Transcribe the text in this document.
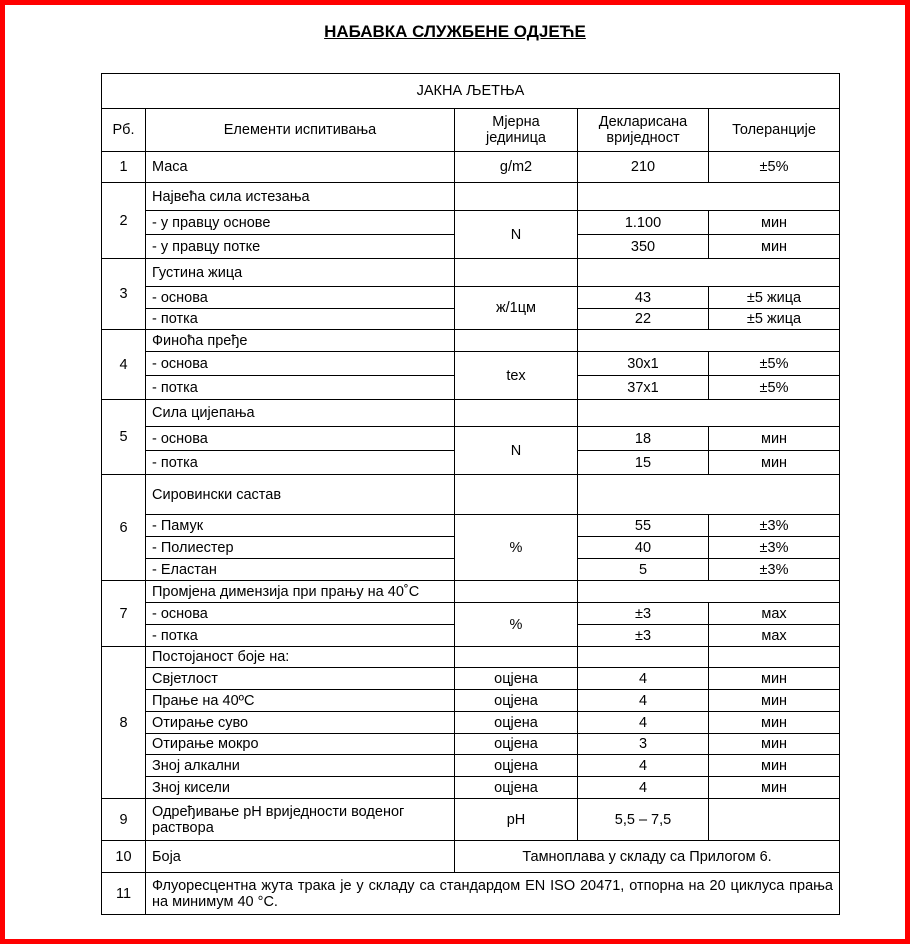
НАБАВКА СЛУЖБЕНЕ ОДЈЕЋЕ
ЈАКНА ЉЕТЊА				
Рб.	Елементи испитивања	Мјерна јединица	Декларисана вриједност	Толеранције
1	Маса	g/m2	210	±5%
2	Највећа сила истезања			
	- у правцу основе	N	1.100	мин
	- у правцу потке		350	мин
3	Густина жица			
	- основа	ж/1цм	43	±5 жица
	- потка		22	±5 жица
4	Финоћа пређе			
	- основа	tex	30x1	±5%
	- потка		37x1	±5%
5	Сила цијепања			
	- основа	N	18	мин
	- потка		15	мин
6	Сировински састав			
	- Памук	%	55	±3%
	- Полиестер		40	±3%
	- Еластан		5	±3%
7	Промјена димензија при прању на 40˚C			
	- основа	%	±3	мах
	- потка		±3	мах
8	Постојаност боје на:			
	Свјетлост	оцјена	4	мин
	Прање на 40ºC	оцјена	4	мин
	Отирање суво	оцјена	4	мин
	Отирање мокро	оцјена	3	мин
	Зној алкални	оцјена	4	мин
	Зној кисели	оцјена	4	мин
9	Одређивање pH вриједности воденог раствора	pH	5,5 – 7,5	
10	Боја	Тамноплава у складу са Прилогом 6.		
11	Флуоресцентна жута трака је у складу са стандардом EN ISO 20471, отпорна на 20 циклуса прања на минимум 40 °C.			
